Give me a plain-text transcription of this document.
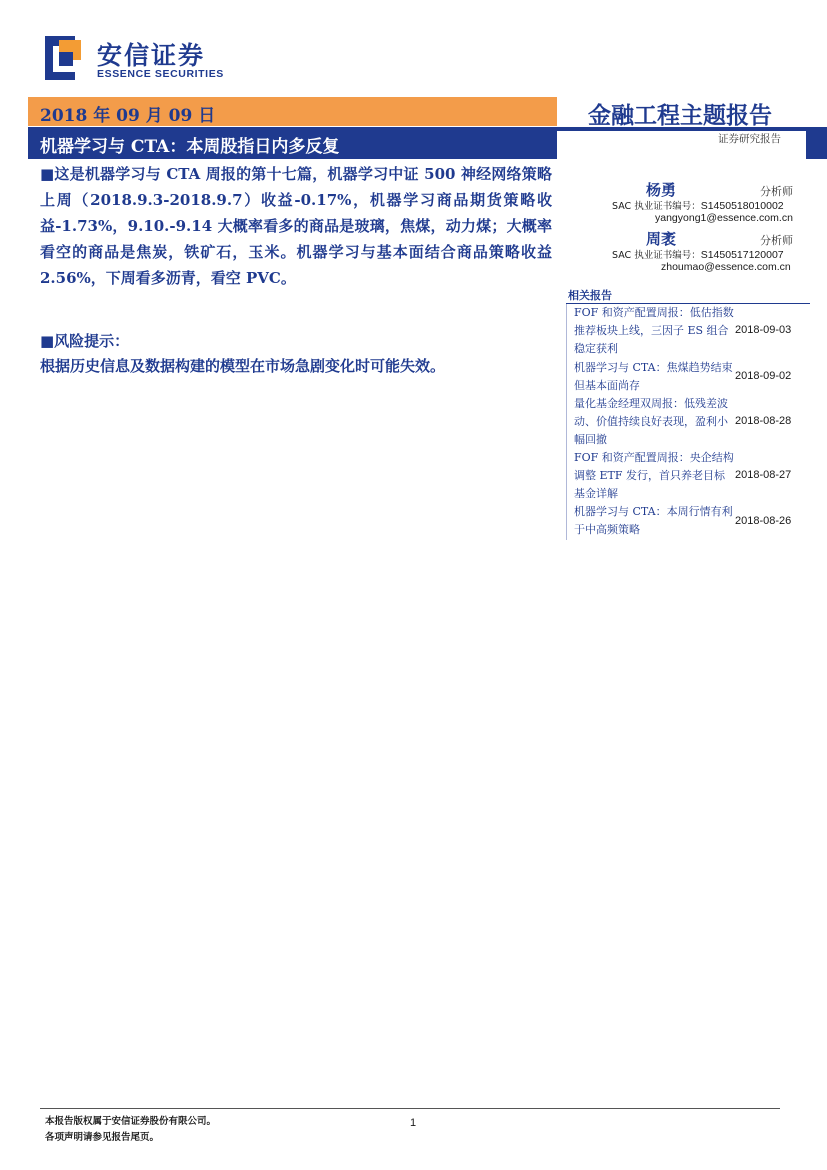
安信证券
ESSENCE SECURITIES
2018 年 09 月 09 日
机器学习与 CTA：本周股指日内多反复
金融工程主题报告
证券研究报告
■这是机器学习与 CTA 周报的第十七篇，机器学习中证 500 神经网络策略上周（2018.9.3-2018.9.7）收益-0.17%，机器学习商品期货策略收益-1.73%，9.10.-9.14 大概率看多的商品是玻璃，焦煤，动力煤；大概率看空的商品是焦炭，铁矿石，玉米。机器学习与基本面结合商品策略收益 2.56%，下周看多沥青，看空 PVC。
■风险提示：
根据历史信息及数据构建的模型在市场急剧变化时可能失效。
杨勇	分析师
SAC 执业证书编号：S1450518010002
yangyong1@essence.com.cn
周袤	分析师
SAC 执业证书编号：S1450517120007
zhoumao@essence.com.cn
相关报告
FOF 和资产配置周报：低估指数推荐板块上线，三因子 ES 组合稳定获利
2018-09-03
机器学习与 CTA：焦煤趋势结束但基本面尚存
2018-09-02
量化基金经理双周报：低残差波动、价值持续良好表现，盈利小幅回撤
2018-08-28
FOF 和资产配置周报：央企结构调整 ETF 发行，首只养老目标基金详解
2018-08-27
机器学习与 CTA：本周行情有利于中高频策略
2018-08-26
本报告版权属于安信证券股份有限公司。
各项声明请参见报告尾页。
1
